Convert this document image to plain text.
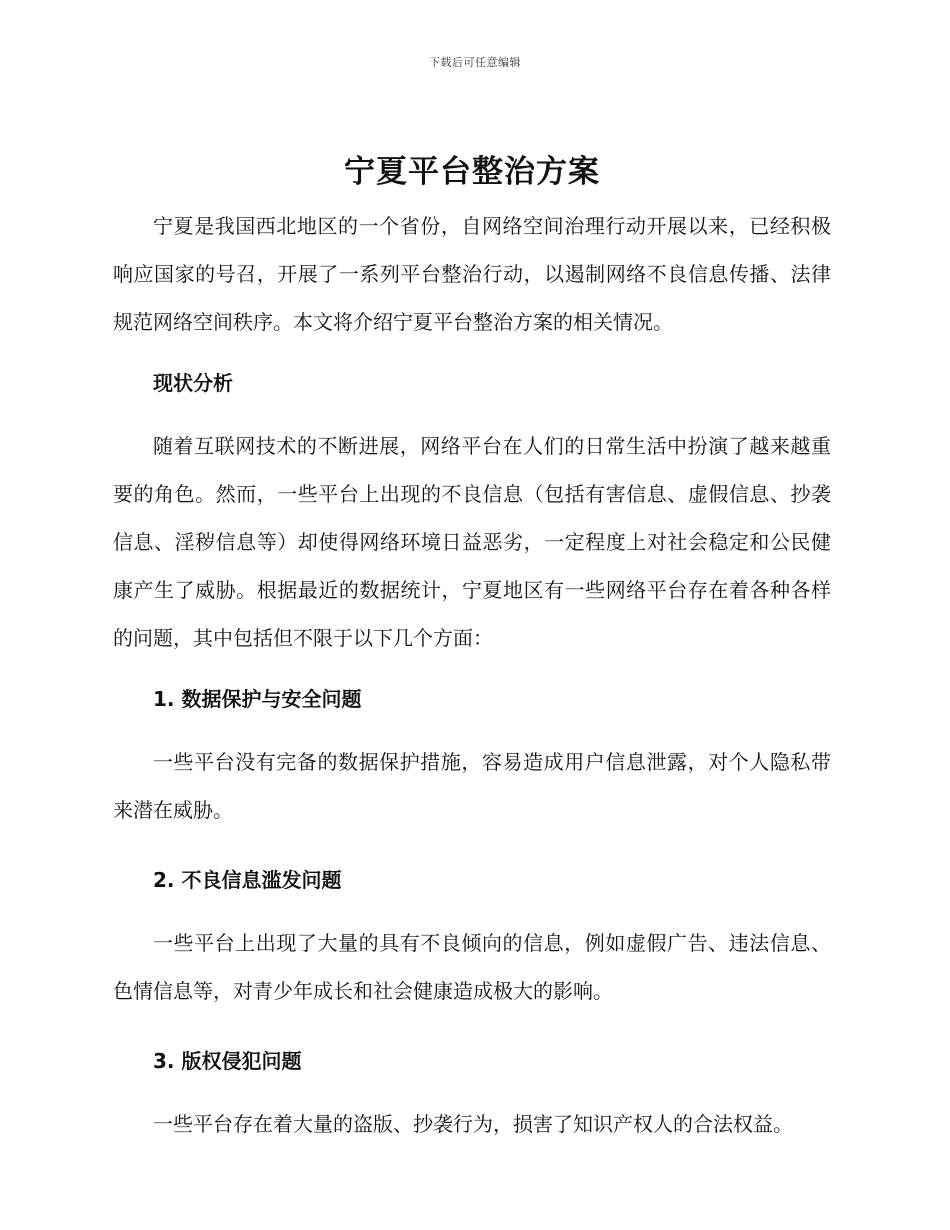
下载后可任意编辑
宁夏平台整治方案

宁夏是我国西北地区的一个省份，自网络空间治理行动开展以来，已经积极响应国家的号召，开展了一系列平台整治行动，以遏制网络不良信息传播、法律规范网络空间秩序。本文将介绍宁夏平台整治方案的相关情况。

现状分析

随着互联网技术的不断进展，网络平台在人们的日常生活中扮演了越来越重要的角色。然而，一些平台上出现的不良信息（包括有害信息、虚假信息、抄袭信息、淫秽信息等）却使得网络环境日益恶劣，一定程度上对社会稳定和公民健康产生了威胁。根据最近的数据统计，宁夏地区有一些网络平台存在着各种各样的问题，其中包括但不限于以下几个方面：

1. 数据保护与安全问题

一些平台没有完备的数据保护措施，容易造成用户信息泄露，对个人隐私带来潜在威胁。

2. 不良信息滥发问题

一些平台上出现了大量的具有不良倾向的信息，例如虚假广告、违法信息、色情信息等，对青少年成长和社会健康造成极大的影响。

3. 版权侵犯问题

一些平台存在着大量的盗版、抄袭行为，损害了知识产权人的合法权益。
